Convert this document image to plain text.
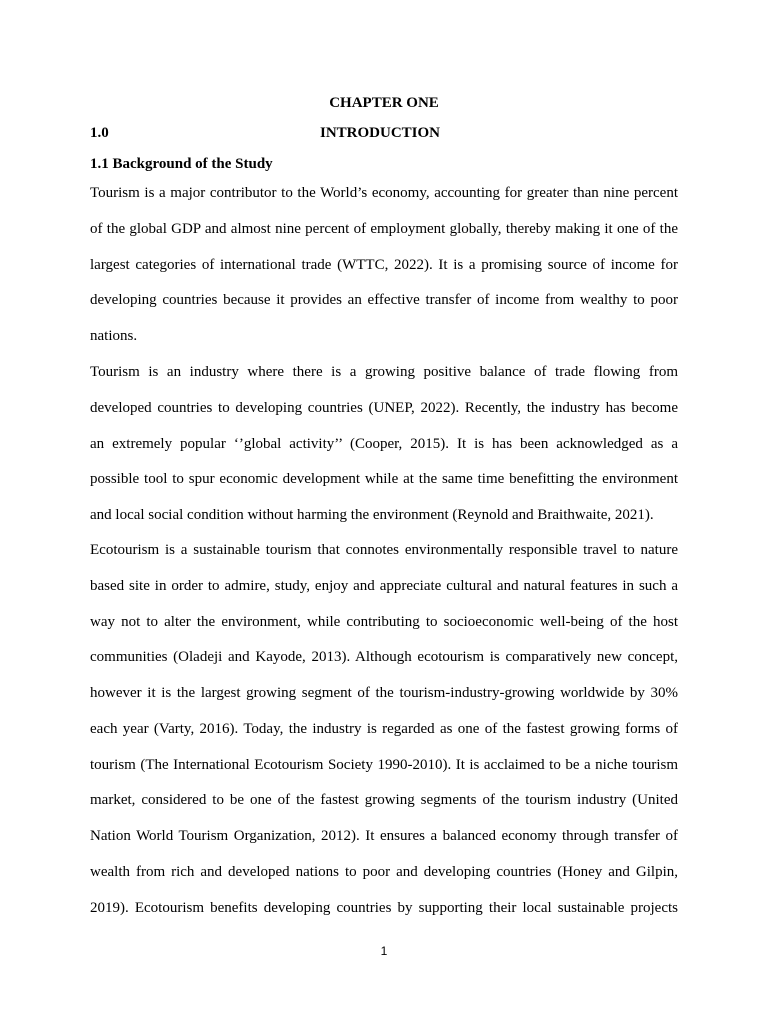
CHAPTER ONE
1.0	INTRODUCTION
1.1 Background of the Study
Tourism is a major contributor to the World’s economy, accounting for greater than nine percent
of the global GDP and almost nine percent of employment globally, thereby making it one of the
largest categories of international trade (WTTC, 2022). It is a promising source of income for
developing countries because it provides an effective transfer of income from wealthy to poor
nations.
Tourism is an industry where there is a growing positive balance of trade flowing from
developed countries to developing countries (UNEP, 2022). Recently, the industry has become
an extremely popular ‘’global activity’’ (Cooper, 2015). It is has been acknowledged as a
possible tool to spur economic development while at the same time benefitting the environment
and local social condition without harming the environment (Reynold and Braithwaite, 2021).
Ecotourism is a sustainable tourism that connotes environmentally responsible travel to nature
based site in order to admire, study, enjoy and appreciate cultural and natural features in such a
way not to alter the environment, while contributing to socioeconomic well-being of the host
communities (Oladeji and Kayode, 2013). Although ecotourism is comparatively new concept,
however it is the largest growing segment of the tourism-industry-growing worldwide by 30%
each year (Varty, 2016). Today, the industry is regarded as one of the fastest growing forms of
tourism (The International Ecotourism Society 1990-2010). It is acclaimed to be a niche tourism
market, considered to be one of the fastest growing segments of the tourism industry (United
Nation World Tourism Organization, 2012). It ensures a balanced economy through transfer of
wealth from rich and developed nations to poor and developing countries (Honey and Gilpin,
2019). Ecotourism benefits developing countries by supporting their local sustainable projects
1
